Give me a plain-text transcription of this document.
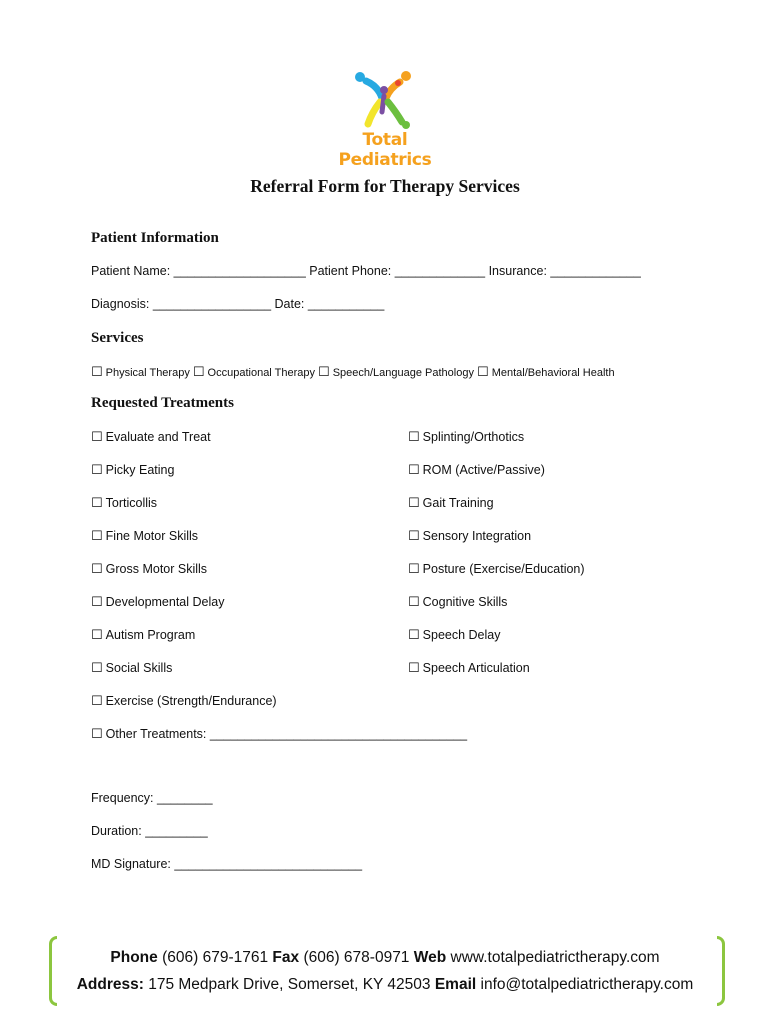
Total Pediatrics
Referral Form for Therapy Services
Patient Information
Patient Name: ___________________ Patient Phone: _____________ Insurance: _____________
Diagnosis: _________________ Date: ___________
Services
☐ Physical Therapy ☐ Occupational Therapy ☐ Speech/Language Pathology ☐ Mental/Behavioral Health
Requested Treatments
☐ Evaluate and Treat
☐ Picky Eating
☐ Torticollis
☐ Fine Motor Skills
☐ Gross Motor Skills
☐ Developmental Delay
☐ Autism Program
☐ Social Skills
☐ Exercise (Strength/Endurance)
☐ Other Treatments: _____________________________________
☐ Splinting/Orthotics
☐ ROM (Active/Passive)
☐ Gait Training
☐ Sensory Integration
☐ Posture (Exercise/Education)
☐ Cognitive Skills
☐ Speech Delay
☐ Speech Articulation
Frequency: ________
Duration: _________
MD Signature: ___________________________
Phone (606) 679-1761 Fax (606) 678-0971 Web www.totalpediatrictherapy.com
Address: 175 Medpark Drive, Somerset, KY 42503 Email info@totalpediatrictherapy.com
